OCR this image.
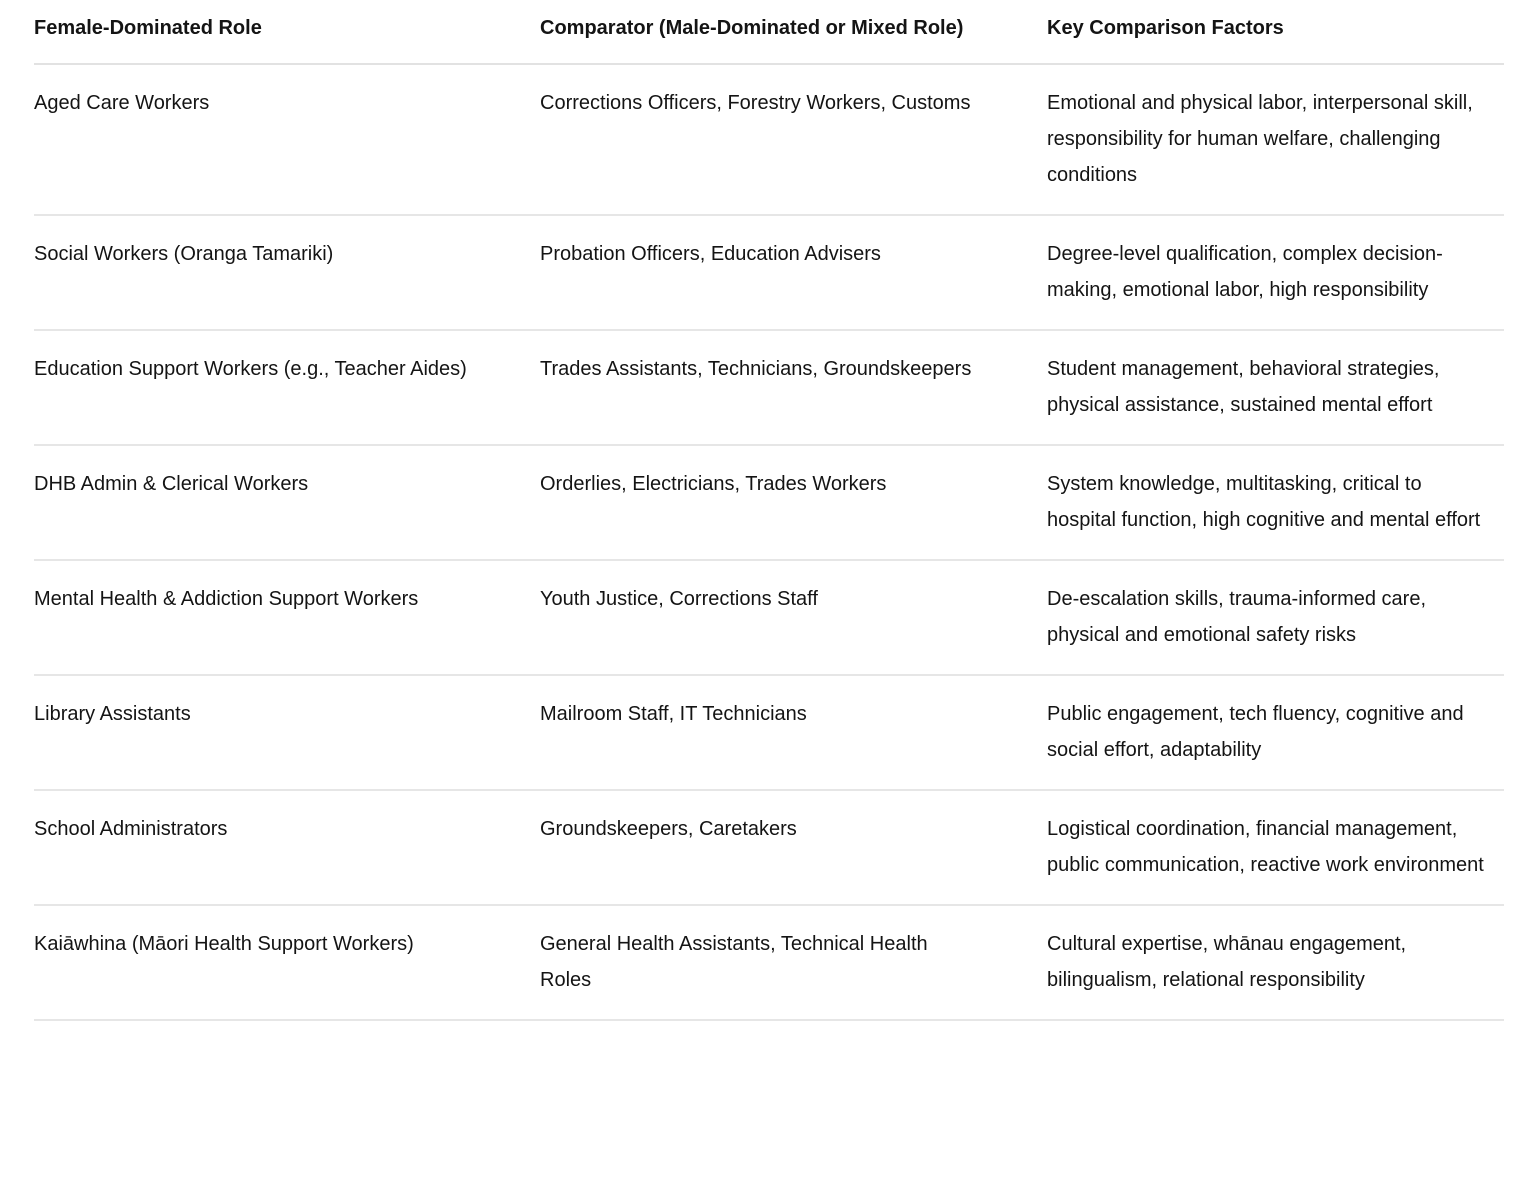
Female-Dominated Role	Comparator (Male-Dominated or Mixed Role)	Key Comparison Factors
Aged Care Workers	Corrections Officers, Forestry Workers, Customs	Emotional and physical labor, interpersonal skill, responsibility for human welfare, challenging conditions
Social Workers (Oranga Tamariki)	Probation Officers, Education Advisers	Degree-level qualification, complex decision-making, emotional labor, high responsibility
Education Support Workers (e.g., Teacher Aides)	Trades Assistants, Technicians, Groundskeepers	Student management, behavioral strategies, physical assistance, sustained mental effort
DHB Admin & Clerical Workers	Orderlies, Electricians, Trades Workers	System knowledge, multitasking, critical to hospital function, high cognitive and mental effort
Mental Health & Addiction Support Workers	Youth Justice, Corrections Staff	De-escalation skills, trauma-informed care, physical and emotional safety risks
Library Assistants	Mailroom Staff, IT Technicians	Public engagement, tech fluency, cognitive and social effort, adaptability
School Administrators	Groundskeepers, Caretakers	Logistical coordination, financial management, public communication, reactive work environment
Kaiāwhina (Māori Health Support Workers)	General Health Assistants, Technical Health Roles	Cultural expertise, whānau engagement, bilingualism, relational responsibility
